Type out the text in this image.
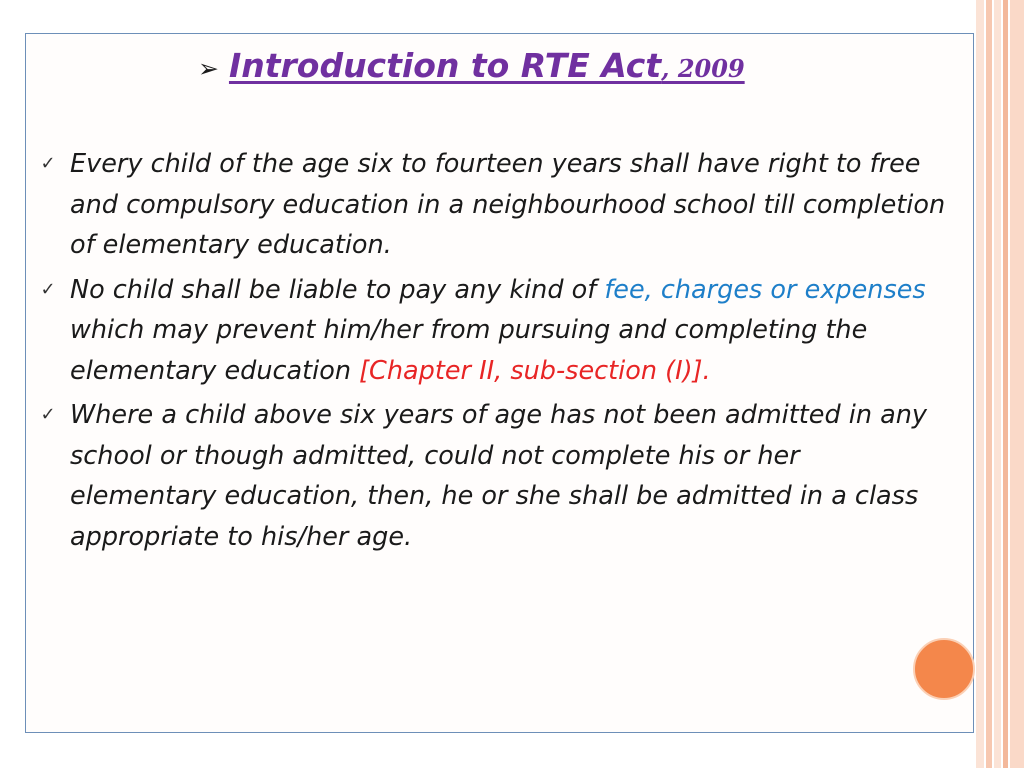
➢ Introduction to RTE Act, 2009
✓ Every child of the age six to fourteen years shall have right to free and compulsory education in a neighbourhood school till completion of elementary education.
✓ No child shall be liable to pay any kind of fee, charges or expenses which may prevent him/her from pursuing and completing the elementary education [Chapter II, sub-section (I)].
✓ Where a child above six years of age has not been admitted in any school or though admitted, could not complete his or her elementary education, then, he or she shall be admitted in a class appropriate to his/her age.
